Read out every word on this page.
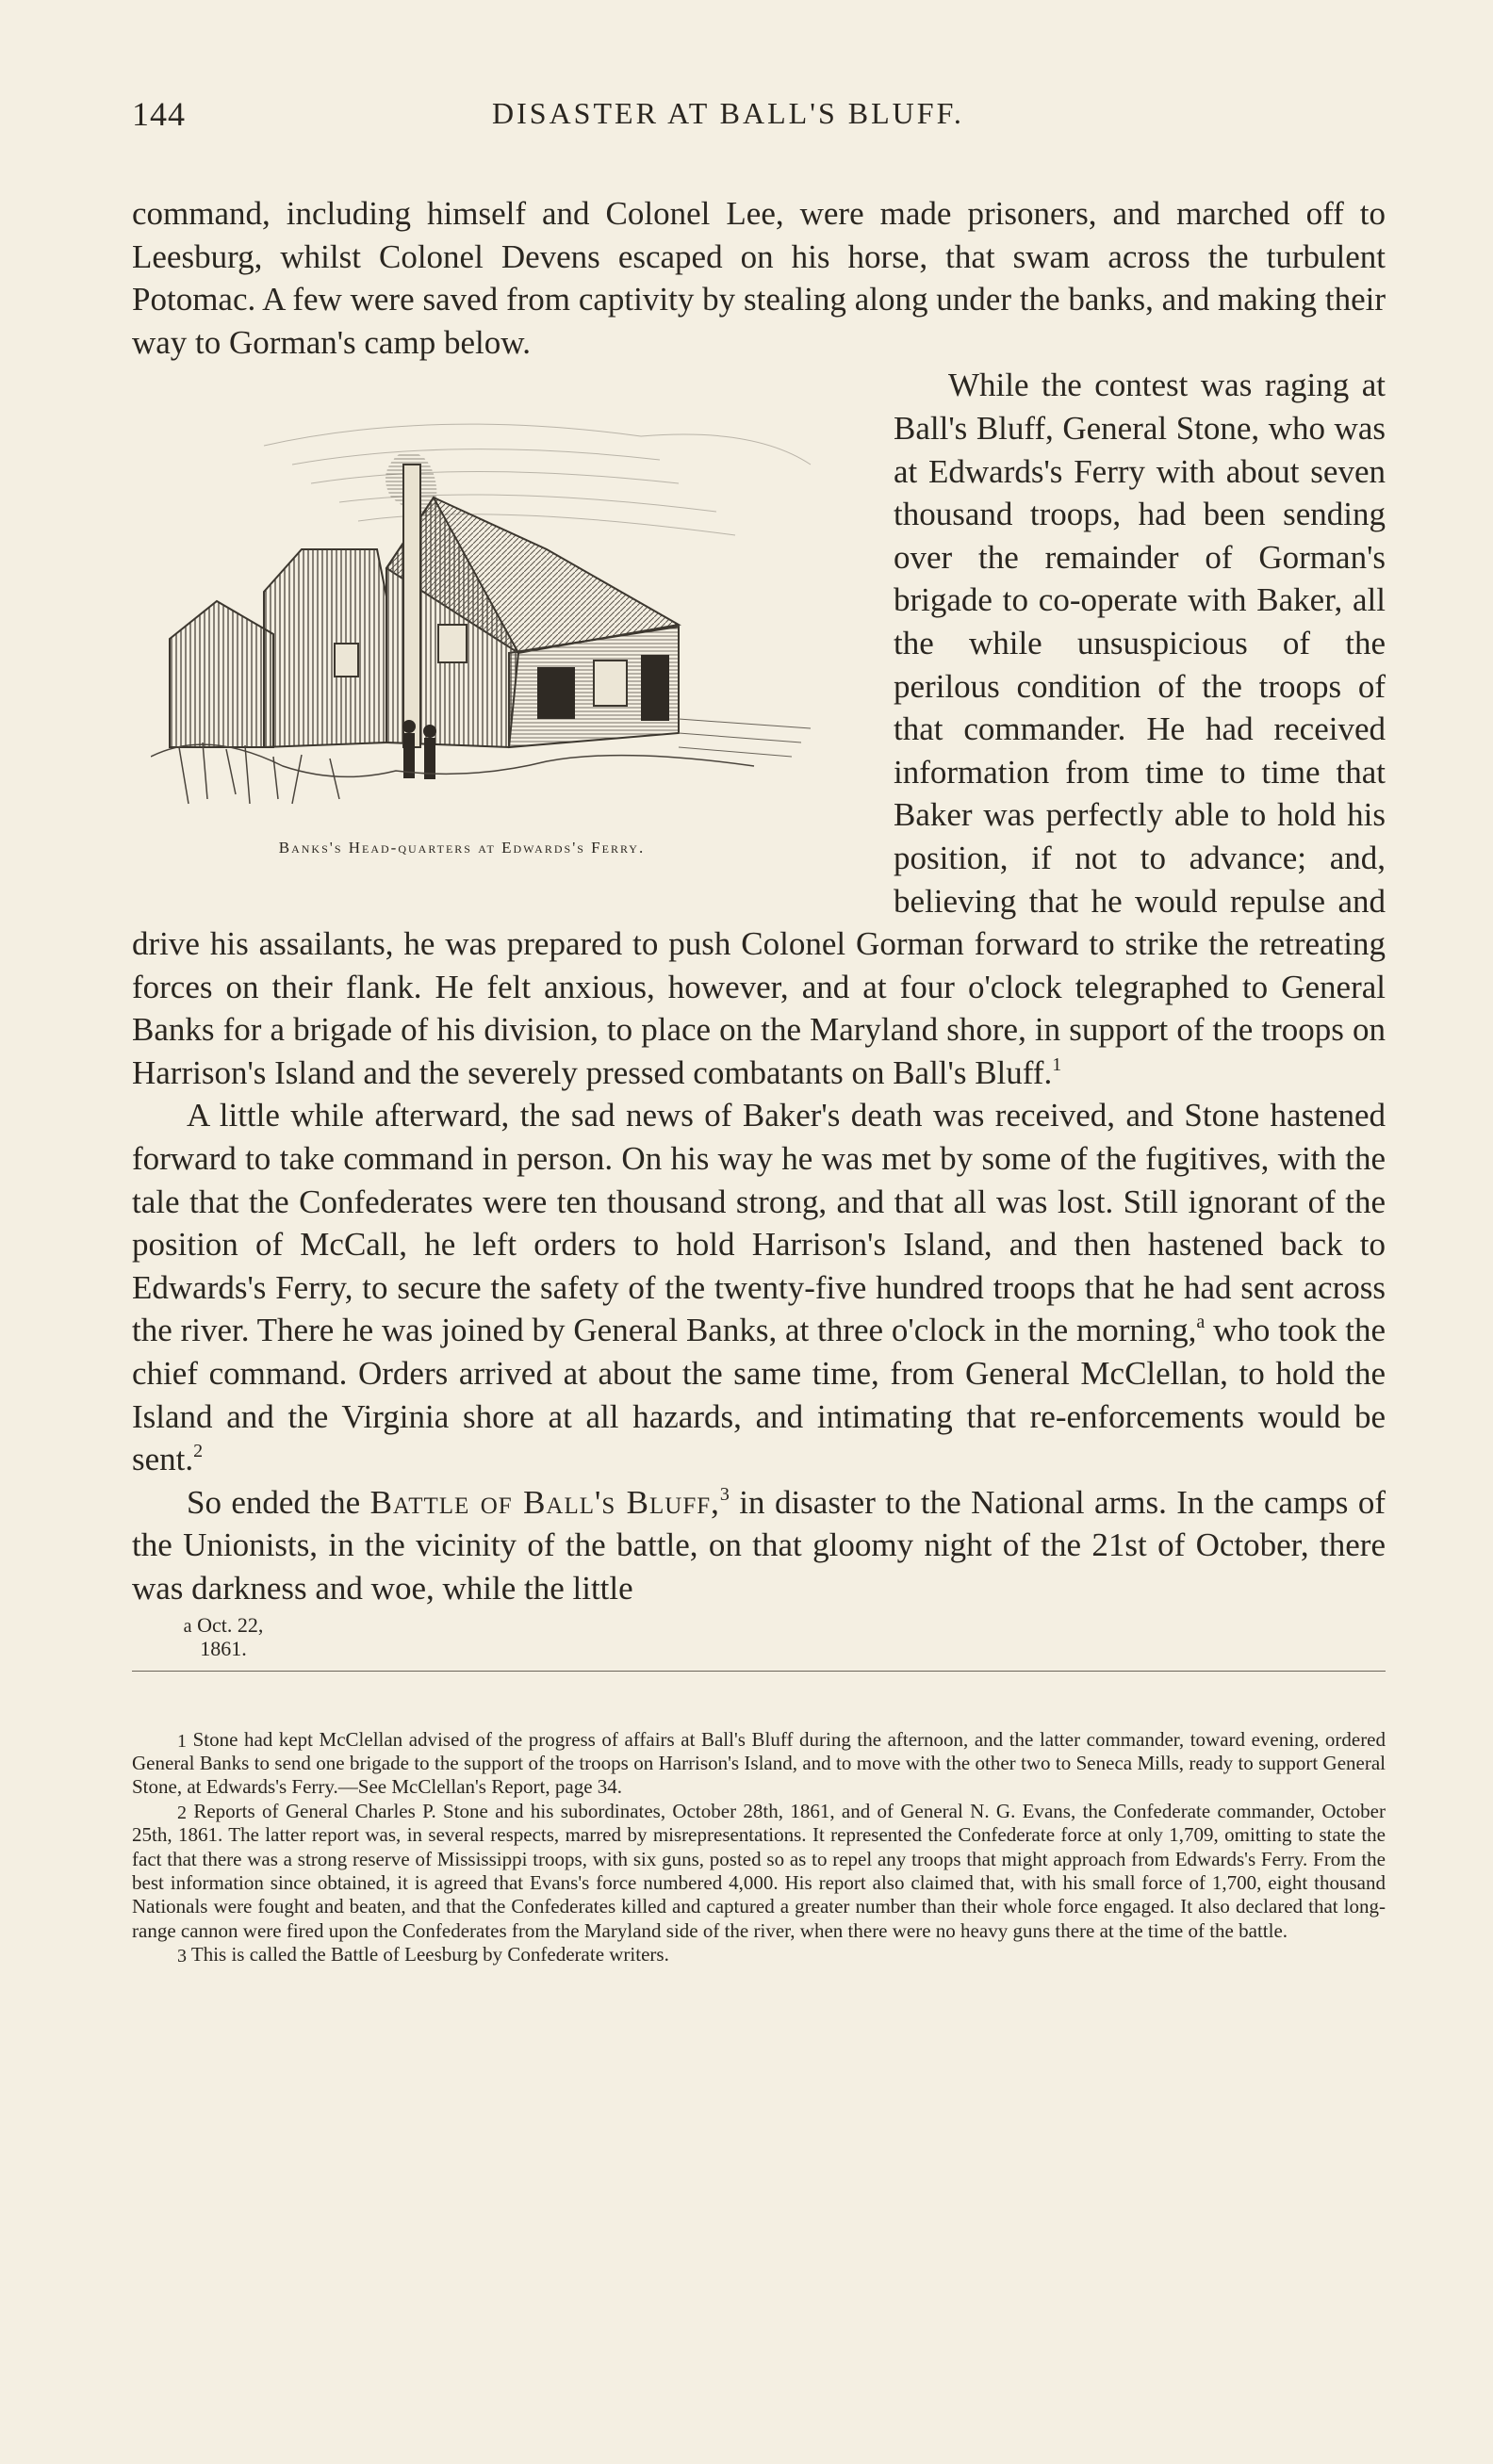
144	DISASTER AT BALL'S BLUFF.

command, including himself and Colonel Lee, were made prisoners, and marched off to Leesburg, whilst Colonel Devens escaped on his horse, that swam across the turbulent Potomac. A few were saved from captivity by stealing along under the banks, and making their way to Gorman's camp below.

Banks's Head-quarters at Edwards's Ferry.

While the contest was raging at Ball's Bluff, General Stone, who was at Edwards's Ferry with about seven thousand troops, had been sending over the remainder of Gorman's brigade to co-operate with Baker, all the while unsuspicious of the perilous condition of the troops of that commander. He had received information from time to time that Baker was perfectly able to hold his position, if not to advance; and, believing that he would repulse and drive his assailants, he was prepared to push Colonel Gorman forward to strike the retreating forces on their flank. He felt anxious, however, and at four o'clock telegraphed to General Banks for a brigade of his division, to place on the Maryland shore, in support of the troops on Harrison's Island and the severely pressed combatants on Ball's Bluff.$^1$

A little while afterward, the sad news of Baker's death was received, and Stone hastened forward to take command in person. On his way he was met by some of the fugitives, with the tale that the Confederates were ten thousand strong, and that all was lost. Still ignorant of the position of McCall, he left orders to hold Harrison's Island, and then hastened back to Edwards's Ferry, to secure the safety of the twenty-five hundred troops that he had sent across the river. There he was joined by General Banks, at three o'clock in the morning,$^a$ who took the chief command. Orders arrived at about the same time, from General McClellan, to hold the Island and the Virginia shore at all hazards, and intimating that re-enforcements would be sent.$^2$

So ended the Battle of Ball's Bluff,$^3$ in disaster to the National arms. In the camps of the Unionists, in the vicinity of the battle, on that gloomy night of the 21st of October, there was darkness and woe, while the little

$^a$ Oct. 22,
1861.

$^1$ Stone had kept McClellan advised of the progress of affairs at Ball's Bluff during the afternoon, and the latter commander, toward evening, ordered General Banks to send one brigade to the support of the troops on Harrison's Island, and to move with the other two to Seneca Mills, ready to support General Stone, at Edwards's Ferry.—See McClellan's Report, page 34.

$^2$ Reports of General Charles P. Stone and his subordinates, October 28th, 1861, and of General N. G. Evans, the Confederate commander, October 25th, 1861. The latter report was, in several respects, marred by misrepresentations. It represented the Confederate force at only 1,709, omitting to state the fact that there was a strong reserve of Mississippi troops, with six guns, posted so as to repel any troops that might approach from Edwards's Ferry. From the best information since obtained, it is agreed that Evans's force numbered 4,000. His report also claimed that, with his small force of 1,700, eight thousand Nationals were fought and beaten, and that the Confederates killed and captured a greater number than their whole force engaged. It also declared that long-range cannon were fired upon the Confederates from the Maryland side of the river, when there were no heavy guns there at the time of the battle.

$^3$ This is called the Battle of Leesburg by Confederate writers.
